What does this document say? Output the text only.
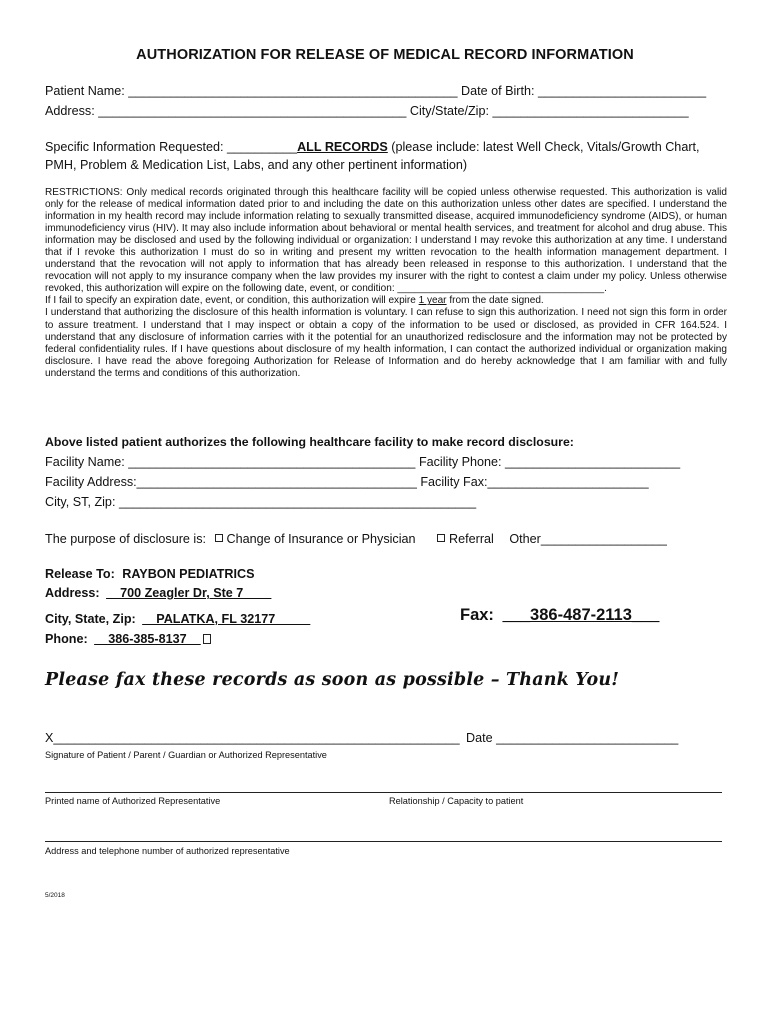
AUTHORIZATION FOR RELEASE OF MEDICAL RECORD INFORMATION
Patient Name: _______________________________________________ Date of Birth: ________________________
Address: ____________________________________________ City/State/Zip: ____________________________
Specific Information Requested: __________ALL RECORDS (please include: latest Well Check, Vitals/Growth Chart,
PMH, Problem & Medication List, Labs, and any other pertinent information)

RESTRICTIONS: Only medical records originated through this healthcare facility will be copied unless otherwise requested. This authorization is valid only for the release of medical information dated prior to and including the date on this authorization unless other dates are specified. I understand the information in my health record may include information relating to sexually transmitted disease, acquired immunodeficiency syndrome (AIDS), or human immunodeficiency virus (HIV). It may also include information about behavioral or mental health services, and treatment for alcohol and drug abuse. This information may be disclosed and used by the following individual or organization: I understand I may revoke this authorization at any time. I understand that if I revoke this authorization I must do so in writing and present my written revocation to the health information management department. I understand that the revocation will not apply to information that has already been released in response to this authorization. I understand that the revocation will not apply to my insurance company when the law provides my insurer with the right to contest a claim under my policy. Unless otherwise revoked, this authorization will expire on the following date, event, or condition: _____________________________________.

If I fail to specify an expiration date, event, or condition, this authorization will expire 1 year from the date signed.

I understand that authorizing the disclosure of this health information is voluntary. I can refuse to sign this authorization. I need not sign this form in order to assure treatment. I understand that I may inspect or obtain a copy of the information to be used or disclosed, as provided in CFR 164.524. I understand that any disclosure of information carries with it the potential for an unauthorized redisclosure and the information may not be protected by federal confidentiality rules. If I have questions about disclosure of my health information, I can contact the authorized individual or organization making disclosure. I have read the above foregoing Authorization for Release of Information and do hereby acknowledge that I am familiar with and fully understand the terms and conditions of this authorization.

Above listed patient authorizes the following healthcare facility to make record disclosure:
Facility Name: _________________________________________ Facility Phone: _________________________
Facility Address:________________________________________ Facility Fax:_______________________
City, ST, Zip: ___________________________________________________
The purpose of disclosure is: Change of Insurance or Physician	Referral Other__________________
Release To: RAYBON PEDIATRICS
Address: __700 Zeagler Dr, Ste 7____
City, State, Zip: __PALATKA, FL 32177_____	Fax: ___386-487-2113___
Phone: __386-385-8137__
Please fax these records as soon as possible – Thank You!
X__________________________________________________________ Date __________________________
Signature of Patient / Parent / Guardian or Authorized Representative
Printed name of Authorized Representative	Relationship / Capacity to patient
Address and telephone number of authorized representative
5/2018
